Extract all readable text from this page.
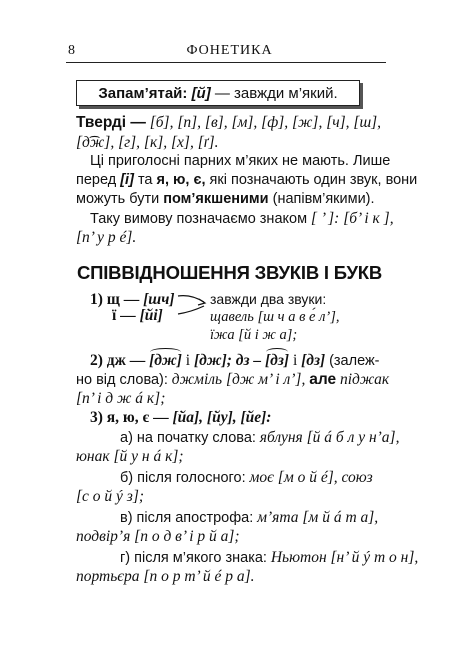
8	ФОНЕТИКА
Запам’ятай:
[й]
— завжди м’який.
Тверді — [б], [п], [в], [м], [ф], [ж], [ч], [ш],
[д͡ж], [г], [к], [х], [ґ].
Ці приголосні парних м’яких не мають. Лише
перед [і] та я, ю, є, які позначають один звук, вони
можуть бути пом’якшеними (напівм’якими).
Таку вимову позначаємо знаком [ ’ ]: [б’ і к ],
[п’ у р é].
СПІВВІДНОШЕННЯ ЗВУКІВ І БУКВ
1) щ — [шч]
ї — [йі]
завжди два звуки:
щавель [ш ч а в е́ л’],
їжа [й і ж а];
2) дж — [дж] і [дж]; дз – [дз] і [дз] (залеж-
но від слова): джміль [дж м’ і л’], але піджак
[п’ і д ж á к];
3) я, ю, є — [йа], [йу], [йе]:
а) на початку слова: яблуня [й á б л у н’а],
юнак [й у н á к];
б) після голосного: моє [м о й é], союз
[с о й ý з];
в) після апострофа: м’ята [м й á т а],
подвір’я [п о д в’ і р й а];
г) після м’якого знака: Ньютон [н’ й ý т о н],
портьєра [п о р т’ й é р а].
